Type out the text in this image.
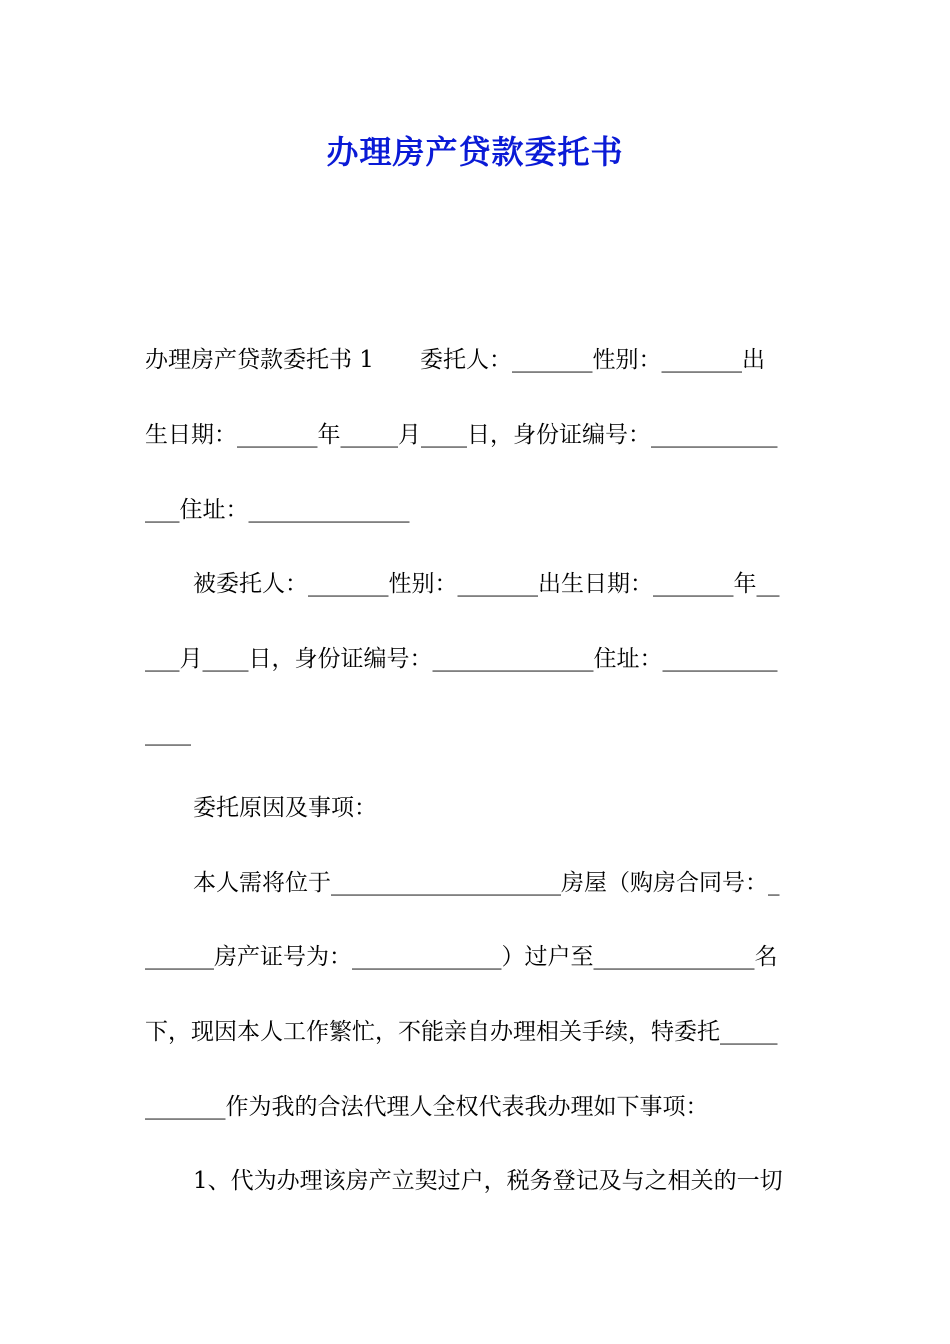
办理房产贷款委托书
办理房产贷款委托书 1　　委托人：_______性别：_______出
生日期：_______年_____月____日，身份证编号：___________
___住址：______________
被委托人：_______性别：_______出生日期：_______年__
___月____日，身份证编号：______________住址：__________
____
委托原因及事项：
本人需将位于____________________房屋（购房合同号：_
______房产证号为：_____________）过户至______________名
下，现因本人工作繁忙，不能亲自办理相关手续，特委托_____
_______作为我的合法代理人全权代表我办理如下事项：
1、代为办理该房产立契过户，税务登记及与之相关的一切
